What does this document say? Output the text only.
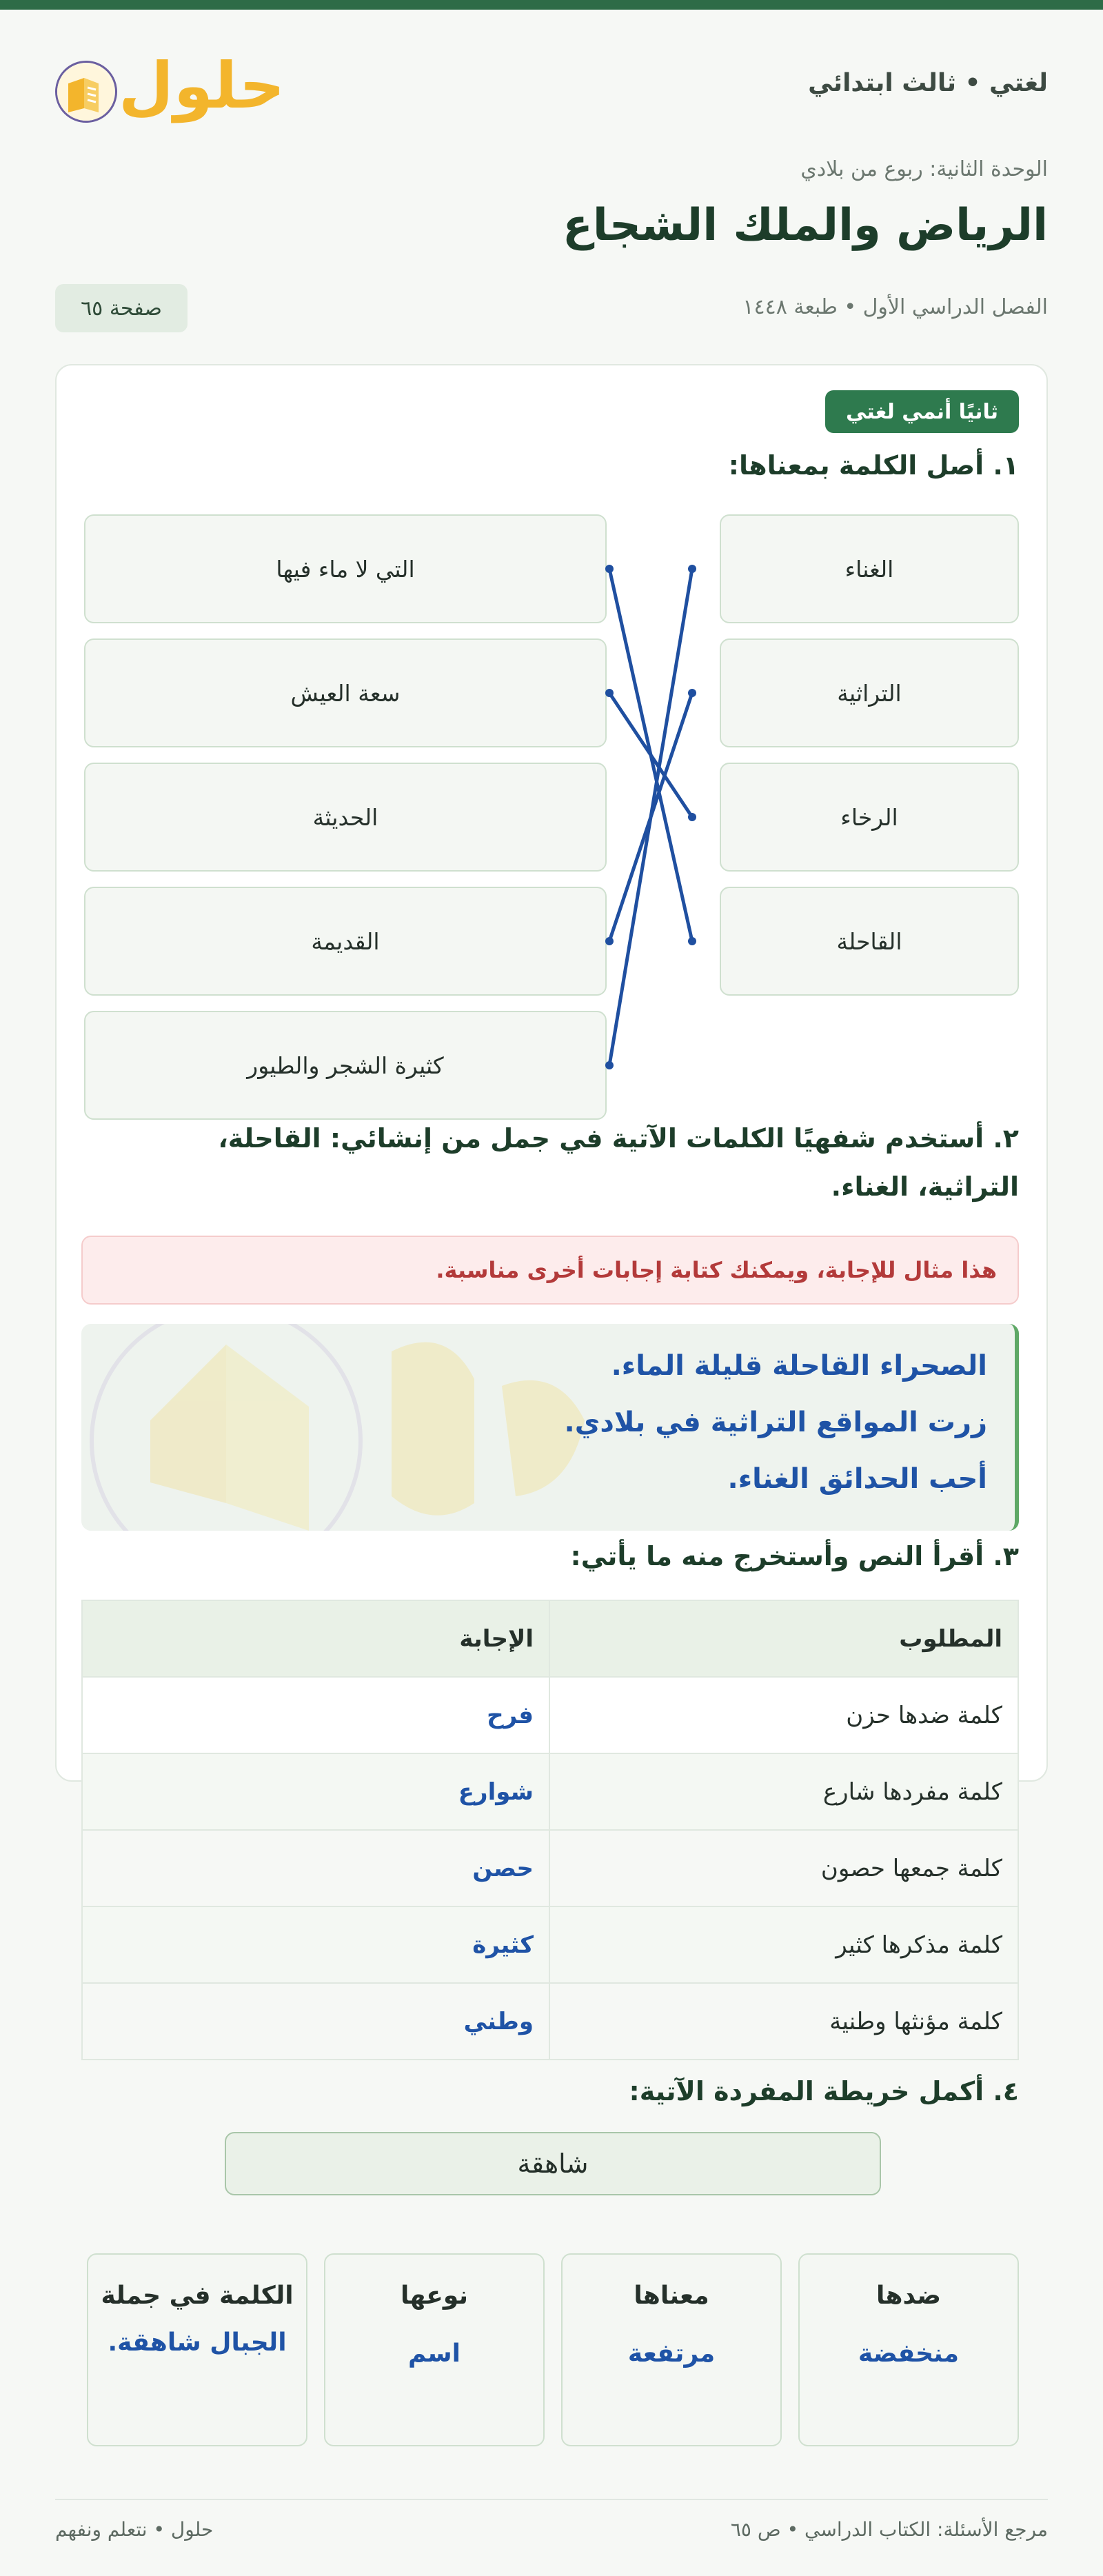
لغتي • ثالث ابتدائي
حلول
الوحدة الثانية: ربوع من بلادي
الرياض والملك الشجاع
الفصل الدراسي الأول • طبعة ١٤٤٨
صفحة ٦٥
ثانيًا أنمي لغتي
١. أصل الكلمة بمعناها:
الغناء
التراثية
الرخاء
القاحلة
التي لا ماء فيها
سعة العيش
الحديثة
القديمة
كثيرة الشجر والطيور
٢. أستخدم شفهيًا الكلمات الآتية في جمل من إنشائي: القاحلة،
التراثية، الغناء.
هذا مثال للإجابة، ويمكنك كتابة إجابات أخرى مناسبة.
الصحراء القاحلة قليلة الماء.
زرت المواقع التراثية في بلادي.
أحب الحدائق الغناء.
٣. أقرأ النص وأستخرج منه ما يأتي:
المطلوب	الإجابة
كلمة ضدها حزن	فرح
كلمة مفردها شارع	شوارع
كلمة جمعها حصون	حصن
كلمة مذكرها كثير	كثيرة
كلمة مؤنثها وطنية	وطني
٤. أكمل خريطة المفردة الآتية:
شاهقة
ضدها
منخفضة
معناها
مرتفعة
نوعها
اسم
الكلمة في جملة
الجبال شاهقة.
حلول • نتعلم ونفهم	مرجع الأسئلة: الكتاب الدراسي • ص ٦٥
